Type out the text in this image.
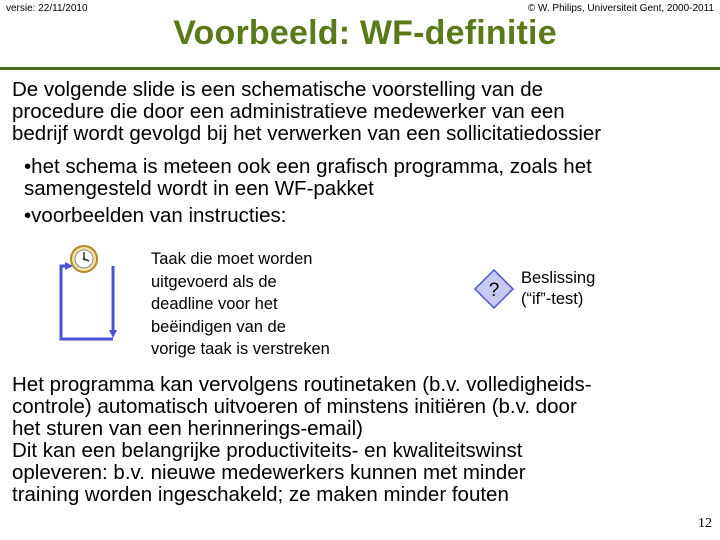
versie: 22/11/2010	© W. Philips, Universiteit Gent, 2000-2011
Voorbeeld: WF-definitie
De volgende slide is een schematische voorstelling van de
procedure die door een administratieve medewerker van een
bedrijf wordt gevolgd bij het verwerken van een sollicitatiedossier
•het schema is meteen ook een grafisch programma, zoals het
samengesteld wordt in een WF-pakket
•voorbeelden van instructies:
Taak die moet worden
uitgevoerd als de
deadline voor het
beëindigen van de
vorige taak is verstreken
?
Beslissing
(“if”-test)
Het programma kan vervolgens routinetaken (b.v. volledigheids-
controle) automatisch uitvoeren of minstens initiëren (b.v. door
het sturen van een herinnerings-email)
Dit kan een belangrijke productiviteits- en kwaliteitswinst
opleveren: b.v. nieuwe medewerkers kunnen met minder
training worden ingeschakeld; ze maken minder fouten
12
